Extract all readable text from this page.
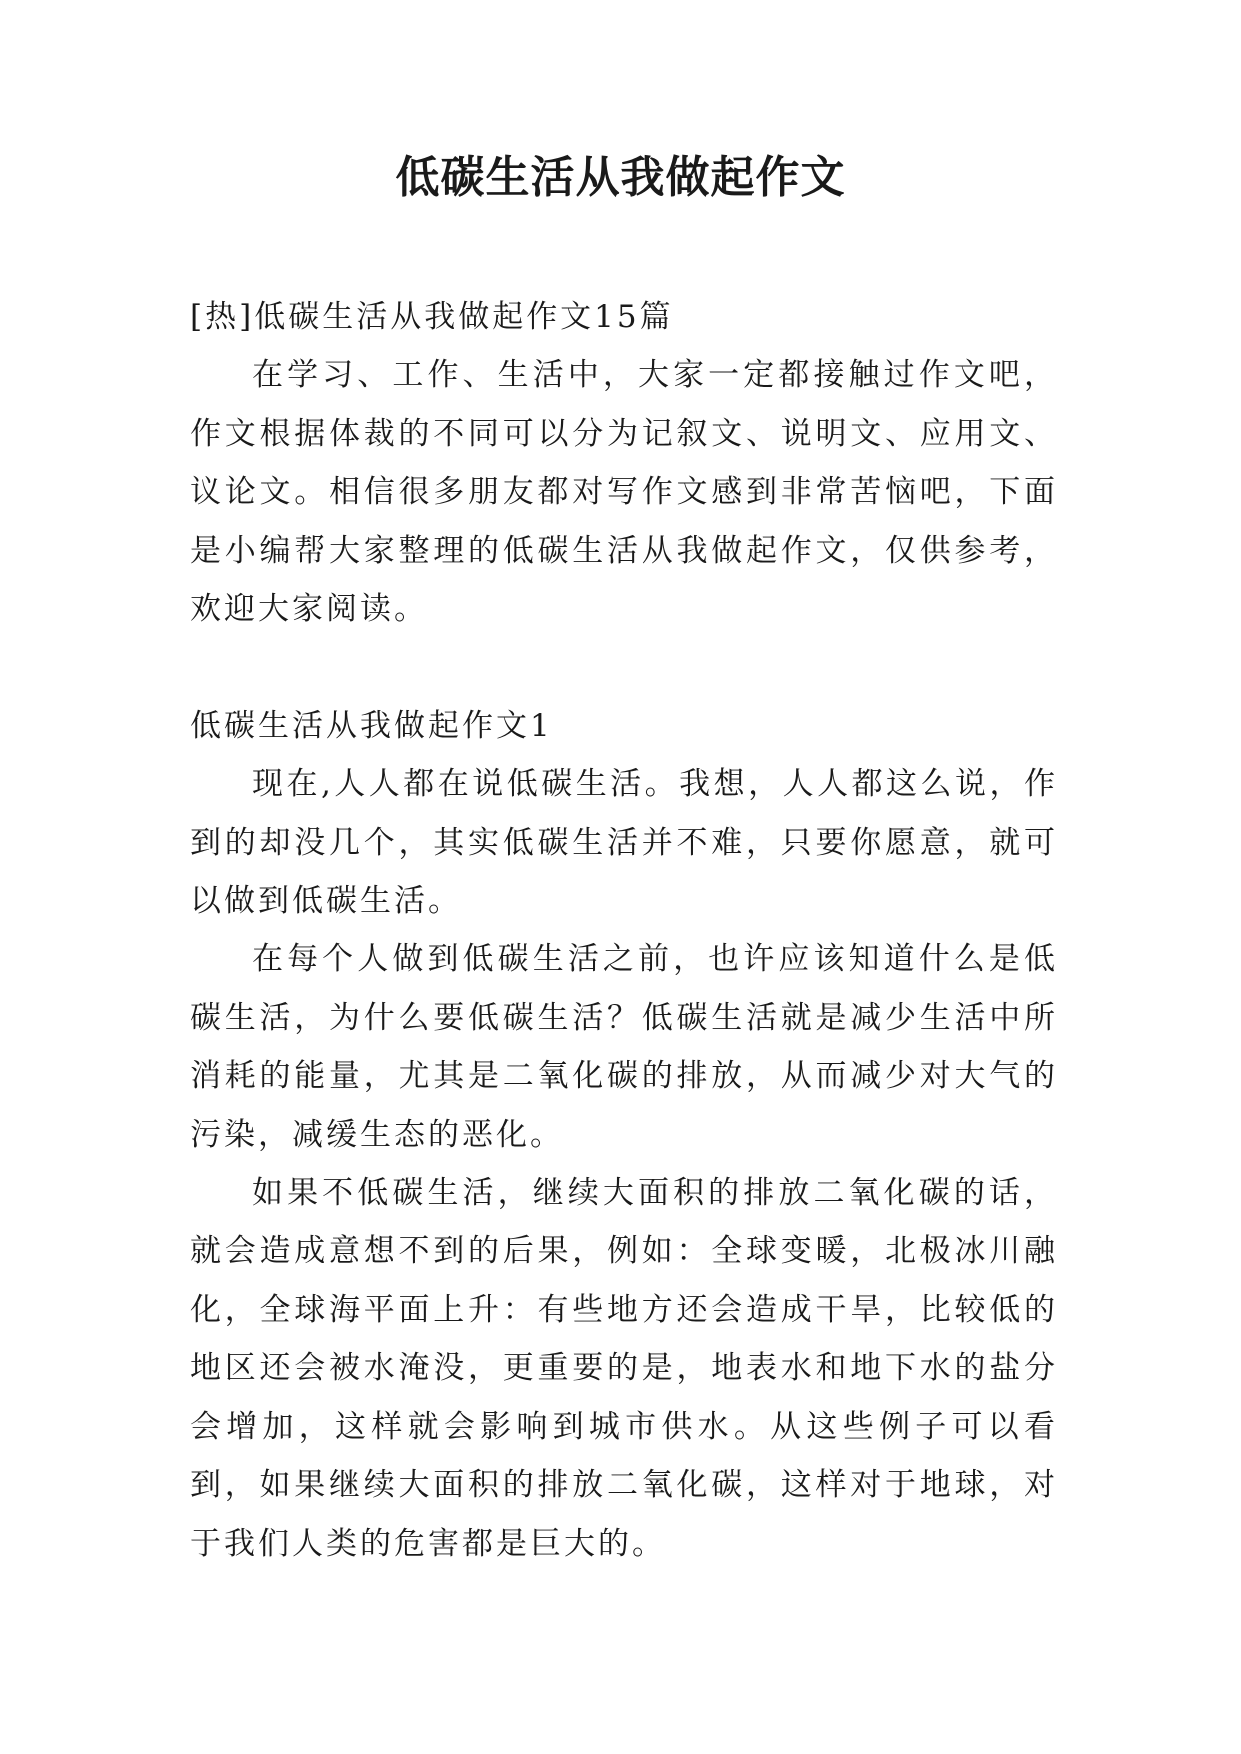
低碳生活从我做起作文

[热]低碳生活从我做起作文15篇

在学习、工作、生活中，大家一定都接触过作文吧，作文根据体裁的不同可以分为记叙文、说明文、应用文、议论文。相信很多朋友都对写作文感到非常苦恼吧，下面是小编帮大家整理的低碳生活从我做起作文，仅供参考，欢迎大家阅读。

低碳生活从我做起作文1

现在,人人都在说低碳生活。我想，人人都这么说，作到的却没几个，其实低碳生活并不难，只要你愿意，就可以做到低碳生活。

在每个人做到低碳生活之前，也许应该知道什么是低碳生活，为什么要低碳生活？低碳生活就是减少生活中所消耗的能量，尤其是二氧化碳的排放，从而减少对大气的污染，减缓生态的恶化。

如果不低碳生活，继续大面积的排放二氧化碳的话，就会造成意想不到的后果，例如：全球变暖，北极冰川融化，全球海平面上升：有些地方还会造成干旱，比较低的地区还会被水淹没，更重要的是，地表水和地下水的盐分会增加，这样就会影响到城市供水。从这些例子可以看到，如果继续大面积的排放二氧化碳，这样对于地球，对于我们人类的危害都是巨大的。
